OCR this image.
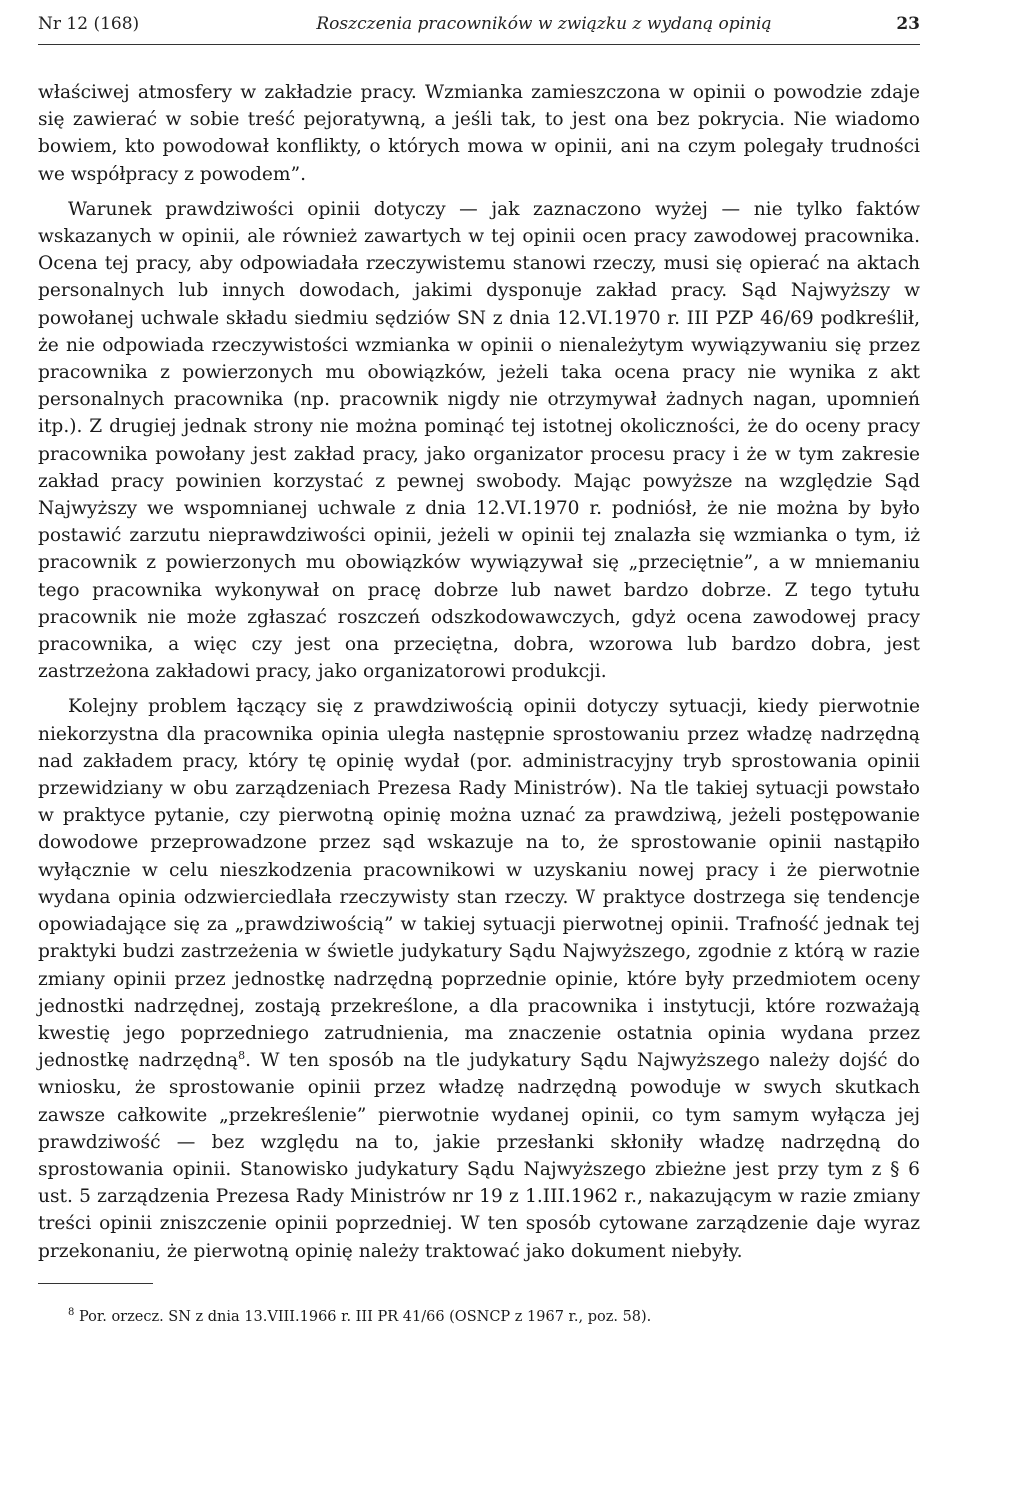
Nr 12 (168)	Roszczenia pracowników w związku z wydaną opinią	23

właściwej atmosfery w zakładzie pracy. Wzmianka zamieszczona w opinii o powodzie zdaje się zawierać w sobie treść pejoratywną, a jeśli tak, to jest ona bez pokrycia. Nie wiadomo bowiem, kto powodował konflikty, o których mowa w opinii, ani na czym polegały trudności we współpracy z powodem”.

Warunek prawdziwości opinii dotyczy — jak zaznaczono wyżej — nie tylko faktów wskazanych w opinii, ale również zawartych w tej opinii ocen pracy zawodowej pracownika. Ocena tej pracy, aby odpowiadała rzeczywistemu stanowi rzeczy, musi się opierać na aktach personalnych lub innych dowodach, jakimi dysponuje zakład pracy. Sąd Najwyższy w powołanej uchwale składu siedmiu sędziów SN z dnia 12.VI.1970 r. III PZP 46/69 podkreślił, że nie odpowiada rzeczywistości wzmianka w opinii o nienależytym wywiązywaniu się przez pracownika z powierzonych mu obowiązków, jeżeli taka ocena pracy nie wynika z akt personalnych pracownika (np. pracownik nigdy nie otrzymywał żadnych nagan, upomnień itp.). Z drugiej jednak strony nie można pominąć tej istotnej okoliczności, że do oceny pracy pracownika powołany jest zakład pracy, jako organizator procesu pracy i że w tym zakresie zakład pracy powinien korzystać z pewnej swobody. Mając powyższe na względzie Sąd Najwyższy we wspomnianej uchwale z dnia 12.VI.1970 r. podniósł, że nie można by było postawić zarzutu nieprawdziwości opinii, jeżeli w opinii tej znalazła się wzmianka o tym, iż pracownik z powierzonych mu obowiązków wywiązywał się „przeciętnie”, a w mniemaniu tego pracownika wykonywał on pracę dobrze lub nawet bardzo dobrze. Z tego tytułu pracownik nie może zgłaszać roszczeń odszkodowawczych, gdyż ocena zawodowej pracy pracownika, a więc czy jest ona przeciętna, dobra, wzorowa lub bardzo dobra, jest zastrzeżona zakładowi pracy, jako organizatorowi produkcji.

Kolejny problem łączący się z prawdziwością opinii dotyczy sytuacji, kiedy pierwotnie niekorzystna dla pracownika opinia uległa następnie sprostowaniu przez władzę nadrzędną nad zakładem pracy, który tę opinię wydał (por. administracyjny tryb sprostowania opinii przewidziany w obu zarządzeniach Prezesa Rady Ministrów). Na tle takiej sytuacji powstało w praktyce pytanie, czy pierwotną opinię można uznać za prawdziwą, jeżeli postępowanie dowodowe przeprowadzone przez sąd wskazuje na to, że sprostowanie opinii nastąpiło wyłącznie w celu nieszkodzenia pracownikowi w uzyskaniu nowej pracy i że pierwotnie wydana opinia odzwierciedlała rzeczywisty stan rzeczy. W praktyce dostrzega się tendencje opowiadające się za „prawdziwością” w takiej sytuacji pierwotnej opinii. Trafność jednak tej praktyki budzi zastrzeżenia w świetle judykatury Sądu Najwyższego, zgodnie z którą w razie zmiany opinii przez jednostkę nadrzędną poprzednie opinie, które były przedmiotem oceny jednostki nadrzędnej, zostają przekreślone, a dla pracownika i instytucji, które rozważają kwestię jego poprzedniego zatrudnienia, ma znaczenie ostatnia opinia wydana przez jednostkę nadrzędną$^8$. W ten sposób na tle judykatury Sądu Najwyższego należy dojść do wniosku, że sprostowanie opinii przez władzę nadrzędną powoduje w swych skutkach zawsze całkowite „przekreślenie” pierwotnie wydanej opinii, co tym samym wyłącza jej prawdziwość — bez względu na to, jakie przesłanki skłoniły władzę nadrzędną do sprostowania opinii. Stanowisko judykatury Sądu Najwyższego zbieżne jest przy tym z § 6 ust. 5 zarządzenia Prezesa Rady Ministrów nr 19 z 1.III.1962 r., nakazującym w razie zmiany treści opinii zniszczenie opinii poprzedniej. W ten sposób cytowane zarządzenie daje wyraz przekonaniu, że pierwotną opinię należy traktować jako dokument niebyły.

$^8$ Por. orzecz. SN z dnia 13.VIII.1966 r. III PR 41/66 (OSNCP z 1967 r., poz. 58).
